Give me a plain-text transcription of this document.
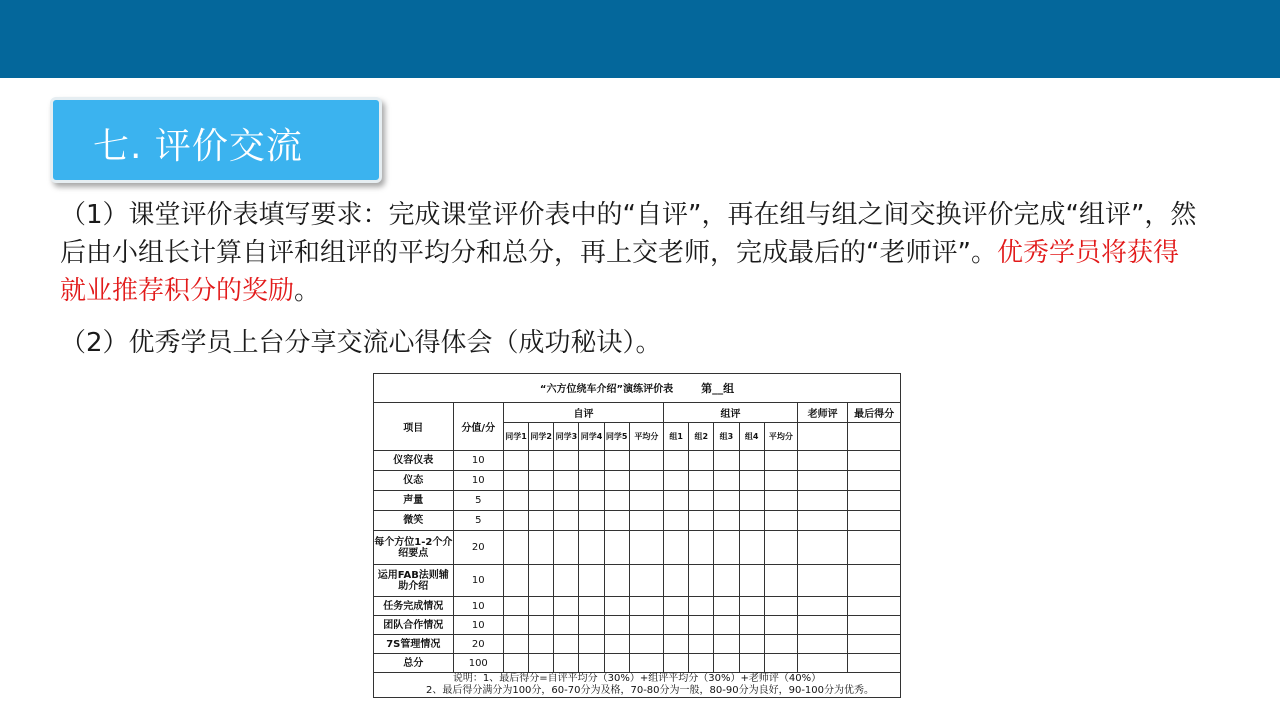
七. 评价交流
（1）课堂评价表填写要求：完成课堂评价表中的“自评”，再在组与组之间交换评价完成“组评”，然后由小组长计算自评和组评的平均分和总分，再上交老师，完成最后的“老师评”。优秀学员将获得就业推荐积分的奖励。
（2）优秀学员上台分享交流心得体会（成功秘诀）。
“六方位绕车介绍”演练评价表 第__组														
项目	分值/分	自评						组评					老师评	最后得分
		同学1	同学2	同学3	同学4	同学5	平均分	组1	组2	组3	组4	平均分		
仪容仪表	10													
仪态	10													
声量	5													
微笑	5													
每个方位1-2个介绍要点	20													
运用FAB法则辅助介绍	10													
任务完成情况	10													
团队合作情况	10													
7S管理情况	20													
总分	100													

说明：1、最后得分=自评平均分（30%）+组评平均分（30%）+老师评（40%）
2、最后得分满分为100分，60-70分为及格，70-80分为一般，80-90分为良好，90-100分为优秀。														
